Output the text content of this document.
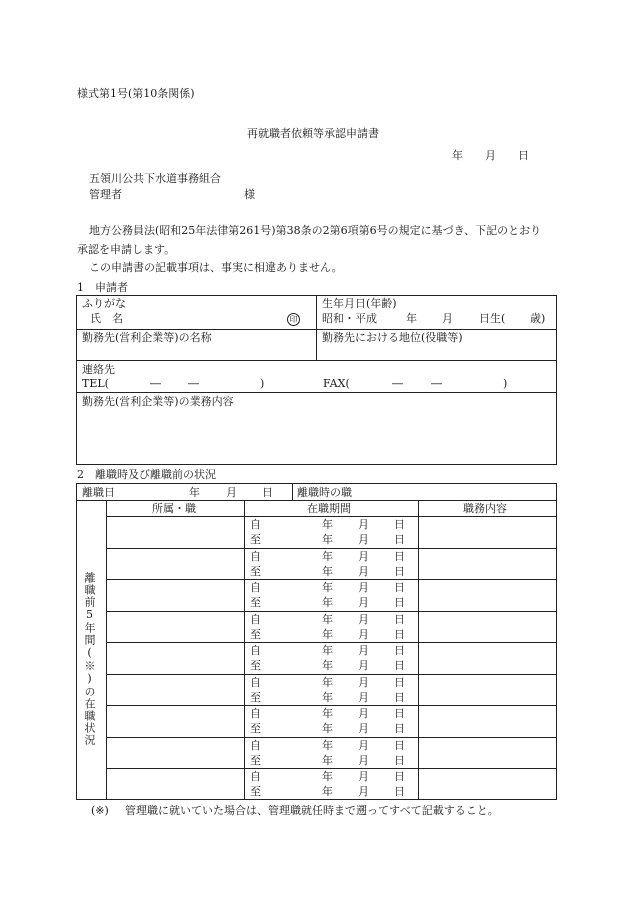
様式第1号(第10条関係)
再就職者依頼等承認申請書
年 月 日
五領川公共下水道事務組合
管理者	様
地方公務員法(昭和25年法律第261号)第38条の2第6項第6号の規定に基づき、下記のとおり
承認を申請します。
この申請書の記載事項は、事実に相違ありません。
1　申請者
ふりがな
氏　名	印
生年月日(年齢)
昭和・平成	年 月 日生( 歳)
勤務先(営利企業等)の名称	勤務先における地位(役職等)
連絡先
TEL(	― ―	)	FAX(	―	―	)
勤務先(営利企業等)の業務内容
2　離職時及び離職前の状況
離職日	年 月 日 離職時の職
所属・職	在職期間	職務内容
離職前5年間(※)の在職状況
自	年 月 日
至	年 月 日
自	年 月 日
至	年 月 日
自	年 月 日
至	年 月 日
自	年 月 日
至	年 月 日
自	年 月 日
至	年 月 日
自	年 月 日
至	年 月 日
自	年 月 日
至	年 月 日
自	年 月 日
至	年 月 日
自	年 月 日
至	年 月 日
(※) 管理職に就いていた場合は、管理職就任時まで遡ってすべて記載すること。
